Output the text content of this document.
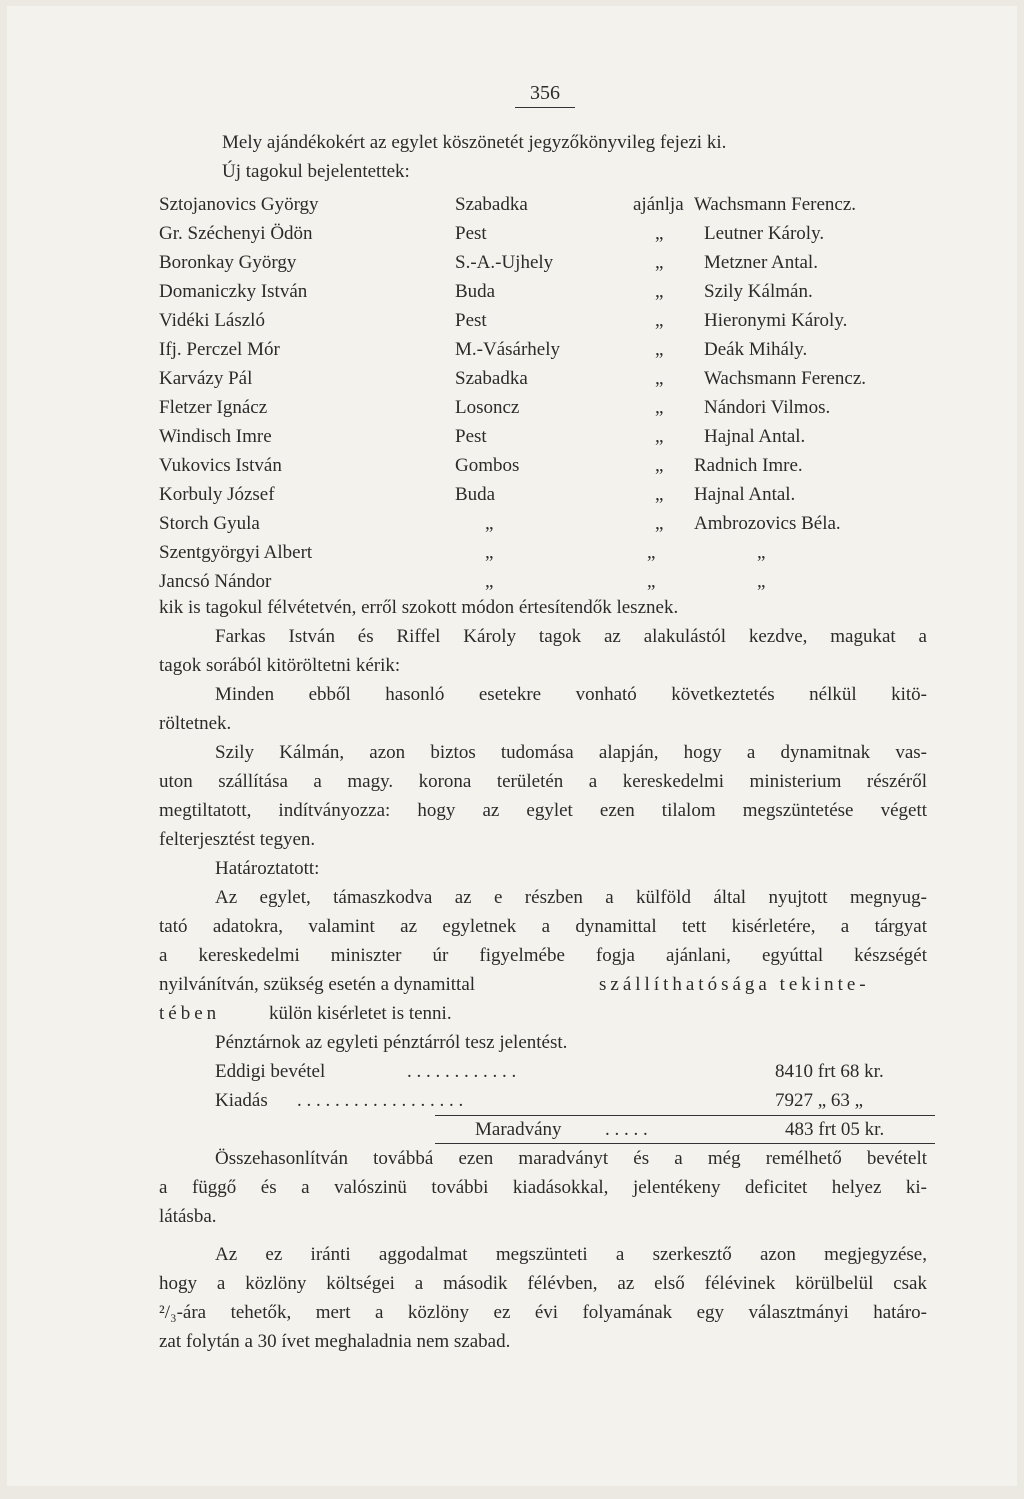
356
Mely ajándékokért az egylet köszönetét jegyzőkönyvileg fejezi ki.
Új tagokul bejelentettek:
Sztojanovics György	Szabadka	ajánlja Wachsmann Ferencz.
Gr. Széchenyi Ödön	Pest	„ Leutner Károly.
Boronkay György	S.-A.-Ujhely	„ Metzner Antal.
Domaniczky István	Buda	„ Szily Kálmán.
Vidéki László	Pest	„ Hieronymi Károly.
Ifj. Perczel Mór	M.-Vásárhely	„ Deák Mihály.
Karvázy Pál	Szabadka	„ Wachsmann Ferencz.
Fletzer Ignácz	Losoncz	„ Nándori Vilmos.
Windisch Imre	Pest	„ Hajnal Antal.
Vukovics István	Gombos	„ Radnich Imre.
Korbuly József	Buda	„ Hajnal Antal.
Storch Gyula	„	„ Ambrozovics Béla.
Szentgyörgyi Albert	„	„	„
Jancsó Nándor	„	„	„
kik is tagokul félvétetvén, erről szokott módon értesítendők lesznek.
Farkas István és Riffel Károly tagok az alakulástól kezdve, magukat a
tagok sorából kitöröltetni kérik:
Minden ebből hasonló esetekre vonható következtetés nélkül kitö-
röltetnek.
Szily Kálmán, azon biztos tudomása alapján, hogy a dynamitnak vas-
uton szállítása a magy. korona területén a kereskedelmi ministerium részéről
megtiltatott, indítványozza: hogy az egylet ezen tilalom megszüntetése végett
felterjesztést tegyen.
Határoztatott:
Az egylet, támaszkodva az e részben a külföld által nyujtott megnyug-
tató adatokra, valamint az egyletnek a dynamittal tett kisérletére, a tárgyat
a kereskedelmi miniszter úr figyelmébe fogja ajánlani, egyúttal készségét
nyilvánítván, szükség esetén a dynamittal	szállíthatósága tekinte-
tében	külön kisérletet is tenni.
Pénztárnok az egyleti pénztárról tesz jelentést.
Eddigi bevétel	. . . . . . . . . . . .	8410 frt 68 kr.
Kiadás . . . . . . . . . . . . . . . . . .	7927 „ 63 „
Maradvány . . . . .	483 frt 05 kr.
Összehasonlítván továbbá ezen maradványt és a még remélhető bevételt
a függő és a valószinü további kiadásokkal, jelentékeny deficitet helyez ki-
látásba.
Az ez iránti aggodalmat megszünteti a szerkesztő azon megjegyzése,
hogy a közlöny költségei a második félévben, az első félévinek körülbelül csak
²/₃-ára tehetők, mert a közlöny ez évi folyamának egy választmányi határo-
zat folytán a 30 ívet meghaladnia nem szabad.
